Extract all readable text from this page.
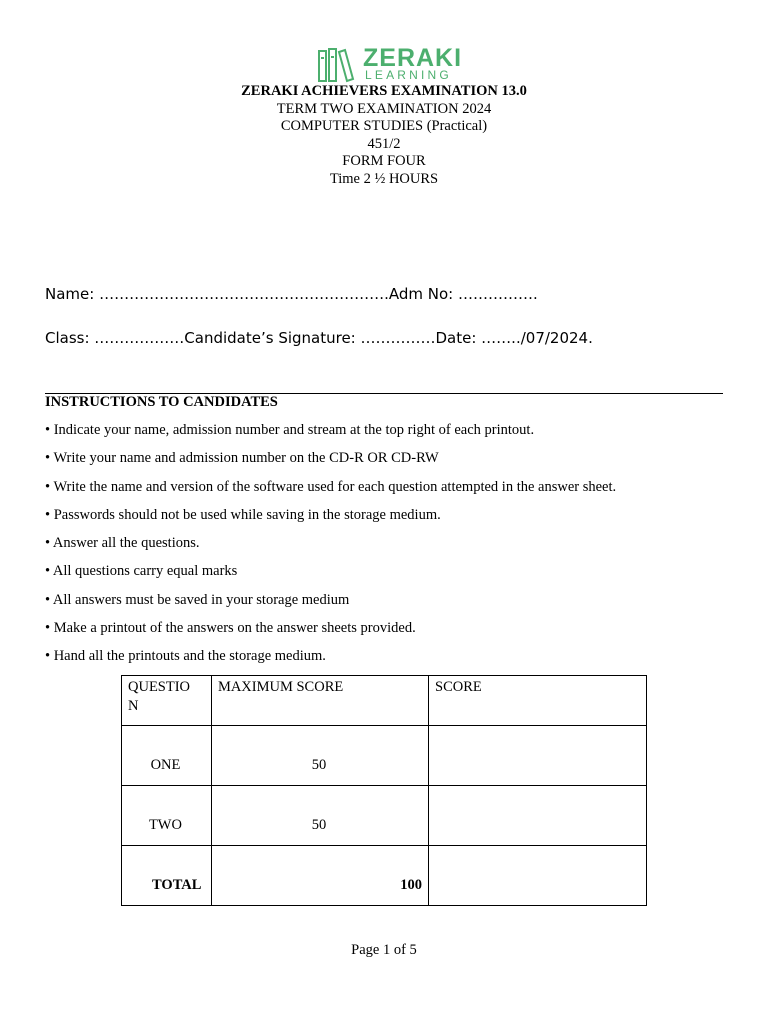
ZERAKI
LEARNING
ZERAKI ACHIEVERS EXAMINATION 13.0
TERM TWO EXAMINATION 2024
COMPUTER STUDIES (Practical)
451/2
FORM FOUR
Time 2 ½ HOURS
Name: ………………………………………………….Adm No: …………….
Class: ………………Candidate’s Signature: ……………Date: ……../07/2024.
INSTRUCTIONS TO CANDIDATES
• Indicate your name, admission number and stream at the top right of each printout.
• Write your name and admission number on the CD-R OR CD-RW
• Write the name and version of the software used for each question attempted in the answer sheet.
• Passwords should not be used while saving in the storage medium.
• Answer all the questions.
• All questions carry equal marks
• All answers must be saved in your storage medium
• Make a printout of the answers on the answer sheets provided.
• Hand all the printouts and the storage medium.
QUESTIO
N	MAXIMUM SCORE	SCORE

ONE	50	

TWO	50	

TOTAL	100	

Page 1 of 5
